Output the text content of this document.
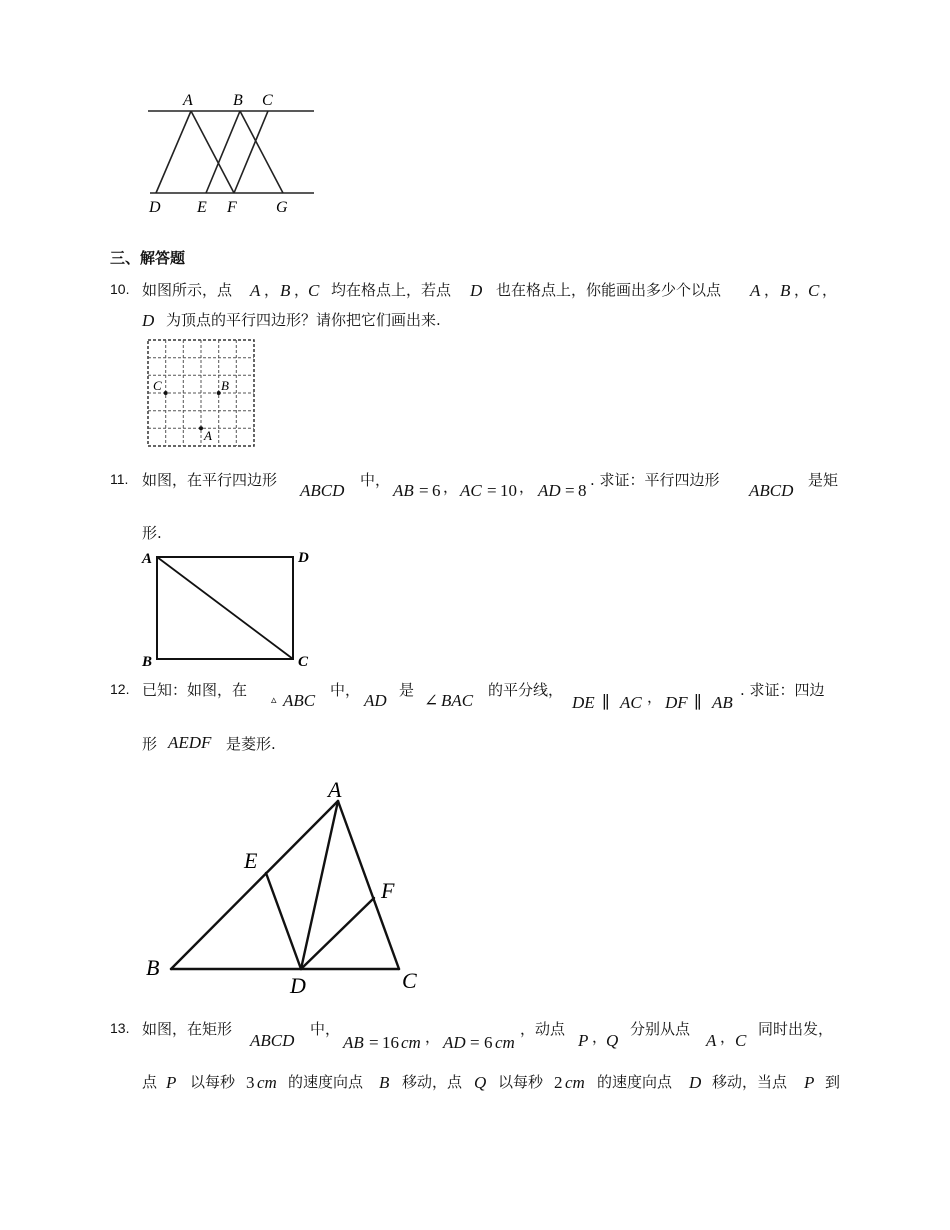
A	B C
D E F G
三、解答题
10. 如图所示，点 A ， B ，
C 均在格点上，若点 D 也在格点上，你能画出多少个以点 A ， B ，
C ，
D 为顶点的平行四边形？请你把它们画出来.
C	B
A
11. 如图，在平行四边形
ABCD
中，
AB = 6 ， AC = 10 ， AD = 8
. 求证：平行四边形
ABCD
是矩
形.
A	D
B	C
12. 已知：如图，在
▵ ABC
中，
AD
是
∠ BAC
的平分线，
DE ∥ AC ， DF ∥ AB
. 求证：四边
形 AEDF 是菱形.
A
E
F
B
D	C
13. 如图，在矩形
ABCD
中，
AB = 16 cm ， AD = 6 cm
，动点
P ，
Q
分别从点
A ， C
同时出发，
点 P 以每秒 3 cm 的速度向点 B 移动，点 Q 以每秒 2 cm 的速度向点 D 移动，当点 P 到
